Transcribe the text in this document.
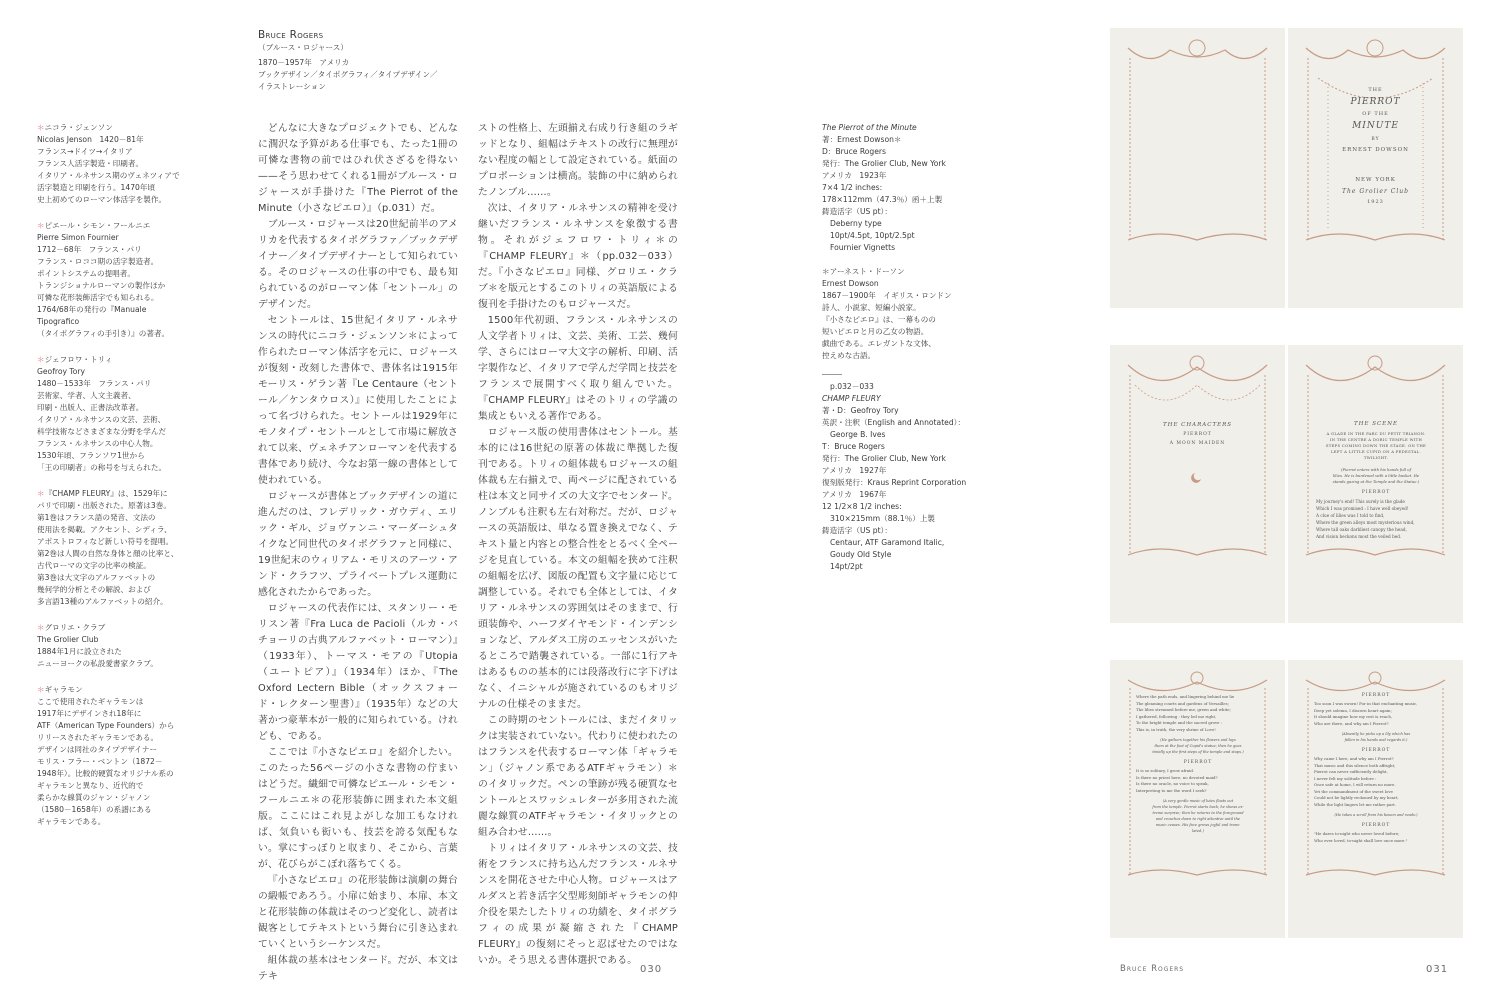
Bruce Rogers
（ブルース・ロジャース）
1870－1957年　アメリカ
ブックデザイン／タイポグラフィ／タイプデザイン／
イラストレーション

＊ニコラ・ジェンソン

Nicolas Jenson　1420－81年

フランス→ドイツ→イタリア

フランス人活字製造・印刷者。

イタリア・ルネサンス期のヴェネツィアで

活字製造と印刷を行う。1470年頃

史上初めてのローマン体活字を製作。

＊ピエール・シモン・フールニエ

Pierre Simon Fournier

1712－68年　フランス・パリ

フランス・ロココ期の活字製造者。

ポイントシステムの提唱者。

トランジショナルローマンの製作ほか

可憐な花形装飾活字でも知られる。

1764/68年の発行の『Manuale Tipografico

（タイポグラフィの手引き）』の著者。

＊ジェフロワ・トリィ

Geofroy Tory

1480－1533年　フランス・パリ

芸術家、学者、人文主義者、

印刷・出版人、正書法改革者。

イタリア・ルネサンスの文芸、芸術、

科学技術などさまざまな分野を学んだ

フランス・ルネサンスの中心人物。

1530年頃、フランソワ1世から

「王の印刷者」の称号を与えられた。

＊『CHAMP FLEURY』は、1529年に

パリで印刷・出版された。原著は3巻。

第1巻はフランス語の発音、文法の

使用法を掲載。アクセント、シディラ、

アポストロフィなど新しい符号を提唱。

第2巻は人間の自然な身体と顔の比率と、

古代ローマの文字の比率の検証。

第3巻は大文字のアルファベットの

幾何学的分析とその解説、および

多言語13種のアルファベットの紹介。

＊グロリエ・クラブ

The Grolier Club

1884年1月に設立された

ニューヨークの私設愛書家クラブ。

＊ギャラモン

ここで使用されたギャラモンは

1917年にデザインされ18年に

ATF（American Type Founders）から

リリースされたギャラモンである。

デザインは同社のタイプデザイナー

モリス・フラー・ベントン（1872－

1948年）。比較的硬質なオリジナル系の

ギャラモンと異なり、近代的で

柔らかな線質のジャン・ジャノン

（1580－1658年）の系譜にある

ギャラモンである。

どんなに大きなプロジェクトでも、どんなに潤沢な予算がある仕事でも、たった1冊の可憐な書物の前ではひれ伏さざるを得ない——そう思わせてくれる1冊がブルース・ロジャースが手掛けた『The Pierrot of the Minute（小さなピエロ）』（p.031）だ。

ブルース・ロジャースは20世紀前半のアメリカを代表するタイポグラファ／ブックデザイナー／タイプデザイナーとして知られている。そのロジャースの仕事の中でも、最も知られているのがローマン体「セントール」のデザインだ。

セントールは、15世紀イタリア・ルネサンスの時代にニコラ・ジェンソン＊によって作られたローマン体活字を元に、ロジャースが復刻・改刻した書体で、書体名は1915年モーリス・ゲラン著『Le Centaure（セントール／ケンタウロス）』に使用したことによって名づけられた。セントールは1929年にモノタイプ・セントールとして市場に解放されて以来、ヴェネチアンローマンを代表する書体であり続け、今なお第一線の書体として使われている。

ロジャースが書体とブックデザインの道に進んだのは、フレデリック・ガウディ、エリック・ギル、ジョヴァンニ・マーダーシュタイクなど同世代のタイポグラファと同様に、19世紀末のウィリアム・モリスのアーツ・アンド・クラフツ、プライベートプレス運動に感化されたからであった。

ロジャースの代表作には、スタンリー・モリスン著『Fra Luca de Pacioli（ルカ・パチョーリの古典アルファベット・ローマン）』（1933年）、トーマス・モアの『Utopia（ユートピア）』（1934年）ほか、『The Oxford Lectern Bible（オックスフォード・レクターン聖書）』（1935年）などの大著かつ豪華本が一般的に知られている。けれども、である。

ここでは『小さなピエロ』を紹介したい。このたった56ページの小さな書物の佇まいはどうだ。繊細で可憐なピエール・シモン・フールニエ＊の花形装飾に囲まれた本文組版。ここにはこれ見よがしな加工もなければ、気負いも衒いも、技芸を誇る気配もない。掌にすっぽりと収まり、そこから、言葉が、花びらがこぼれ落ちてくる。

『小さなピエロ』の花形装飾は演劇の舞台の緞帳であろう。小扉に始まり、本扉、本文と花形装飾の体裁はそのつど変化し、読者は観客としてテキストという舞台に引き込まれていくというシーケンスだ。

組体裁の基本はセンタード。だが、本文はテキ

ストの性格上、左頭揃え右成り行き組のラギッドとなり、組幅はテキストの改行に無理がない程度の幅として設定されている。紙面のプロポーションは横高。装飾の中に納められたノンブル……。

次は、イタリア・ルネサンスの精神を受け継いだフランス・ルネサンスを象徴する書物。それがジェフロワ・トリィ＊の『CHAMP FLEURY』＊（pp.032－033）だ。『小さなピエロ』同様、グロリエ・クラブ＊を版元とするこのトリィの英語版による復刊を手掛けたのもロジャースだ。

1500年代初頭、フランス・ルネサンスの人文学者トリィは、文芸、美術、工芸、幾何学、さらにはローマ大文字の解析、印刷、活字製作など、イタリアで学んだ学問と技芸をフランスで展開すべく取り組んでいた。『CHAMP FLEURY』はそのトリィの学識の集成ともいえる著作である。

ロジャース版の使用書体はセントール。基本的には16世紀の原著の体裁に準拠した復刊である。トリィの組体裁もロジャースの組体裁も左右揃えで、両ページに配されている柱は本文と同サイズの大文字でセンタード。ノンブルも注釈も左右対称だ。だが、ロジャースの英語版は、単なる置き換えでなく、テキスト量と内容との整合性をとるべく全ページを見直している。本文の組幅を狭めて注釈の組幅を広げ、図版の配置も文字量に応じて調整している。それでも全体としては、イタリア・ルネサンスの雰囲気はそのままで、行頭装飾や、ハーフダイヤモンド・インデンションなど、アルダス工房のエッセンスがいたるところで踏襲されている。一部に1行アキはあるものの基本的には段落改行に字下げはなく、イニシャルが施されているのもオリジナルの仕様そのままだ。

この時期のセントールには、まだイタリックは実装されていない。代わりに使われたのはフランスを代表するローマン体「ギャラモン」（ジャノン系であるATFギャラモン）＊のイタリックだ。ペンの筆跡が残る硬質なセントールとスワッシュレターが多用された流麗な線質のATFギャラモン・イタリックとの組み合わせ……。

トリィはイタリア・ルネサンスの文芸、技術をフランスに持ち込んだフランス・ルネサンスを開花させた中心人物。ロジャースはアルダスと若き活字父型彫刻師ギャラモンの仲介役を果たしたトリィの功績を、タイポグラフィの成果が凝縮された『CHAMP FLEURY』の復刻にそっと忍ばせたのではないか。そう思える書体選択である。

The Pierrot of the Minute

著：Ernest Dowson＊

D：Bruce Rogers

発行：The Grolier Club, New York

アメリカ　1923年

7×4 1/2 inches:

178×112mm（47.3％）函＋上製

鋳造活字（US pt）：

Deberny type

10pt/4.5pt, 10pt/2.5pt

Fournier Vignetts

＊アーネスト・ドーソン

Ernest Dowson

1867－1900年　イギリス・ロンドン

詩人、小説家、短編小説家。

『小さなピエロ』は、一幕ものの

短いピエロと月の乙女の物語。

戯曲である。エレガントな文体、

控えめな古語。

p.032－033

CHAMP FLEURY

著・D：Geofroy Tory

英訳・注釈（English and Annotated）：

George B. Ives

T：Bruce Rogers

発行：The Grolier Club, New York

アメリカ　1927年

復刻版発行：Kraus Reprint Corporation

アメリカ　1967年

12 1/2×8 1/2 inches:

310×215mm（88.1％）上製

鋳造活字（US pt）：

Centaur, ATF Garamond Italic,

Goudy Old Style

14pt/2pt

THE
PIERROT
OF THE
MINUTE
BY
ERNEST DOWSON
NEW YORK
The Grolier Club
1923
THE CHARACTERS
PIERROT
A MOON MAIDEN
THE SCENE
A GLADE IN THE PARC DU PETIT TRIANON.
IN THE CENTRE A DORIC TEMPLE WITH
STEPS COMING DOWN THE STAGE. ON THE
LEFT A LITTLE CUPID ON A PEDESTAL.
TWILIGHT.
(Pierrot enters with his hands full of
lilies. He is burdened with a little basket. He
stands gazing at the Temple and the Statue.)
PIERROT
My journey's end! This surely is the glade
Which I was promised : I have well obeyed!
A clue of lilies was I told to find,
Where the green alleys most mysterious wind,
Where tall oaks darkliest canopy the head,
And vision beckons most the veiled bed.
Where the path ends, and lingering behind me lie
The gleaming courts and gardens of Versailles;
The lilies streamed before me, green and white;
I gathered, following : they led me right,
To the bright temple and the sacred grove :
This is, in truth, the very shrine of Love!
(He gathers together his flowers and lays
them at the foot of Cupid's statue; then he goes
timidly up the first steps of the temple and stops.)
PIERROT
It is so solitary, I grow afraid.
Is there no priest here, no devoted maid?
Is there no oracle, no voice to speak,
Interpreting to me the word I seek?
(A very gentle music of lutes floats out
from the temple. Pierrot starts back; he shows ex-
treme surprise; then he returns to the foreground
and crouches down to right attentive until the
music ceases. His face grows joyful and trans-
lated.)
PIERROT
Too soon I was sworn! For in that enchanting music,
Deep yet solemn, I discern heart again;
It should imagine how my rest is reach,
Who are there, and why am I Pierrot?
(Absently he picks up a lily which has
fallen in his hands and regards it.)
PIERROT
Why came I here, and why am I Pierrot?
That music and this silence both affright;
Pierrot can never sufficiently delight,
I never felt my solitude before :
Once safe at home, I will return no more.
Yet the commandment of the sweet love
Could not be lightly reckoned by my heart,
While the light lingers let me rather part.
(He takes a scroll from his bosom and reads:)
PIERROT
"He dares to-night who never loved before;
Who ever loved, to-night shall love once more."
030	Bruce Rogers	031
